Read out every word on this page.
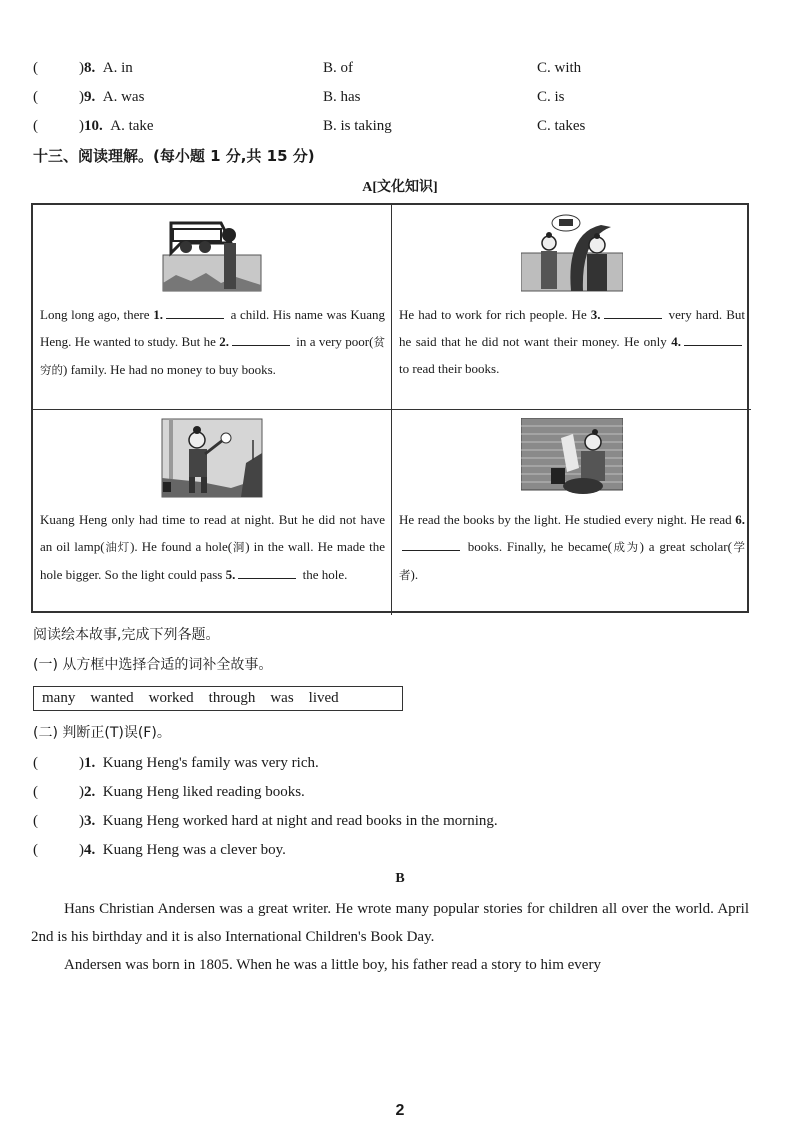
(	)8. A. in	B. of	C. with
(	)9. A. was	B. has	C. is
(	)10. A. take	B. is taking	C. takes
十三、阅读理解。(每小题 1 分,共 15 分)
A[文化知识]
Long long ago, there 1.	a child. His name was Kuang Heng. He wanted to study. But he 2.	in a very poor(贫穷的) family. He had no money to buy books.
He had to work for rich people. He 3.	very hard. But he said that he did not want their money. He only 4. to read their books.
Kuang Heng only had time to read at night. But he did not have an oil lamp(油灯). He found a hole(洞) in the wall. He made the hole bigger. So the light could pass 5.	the hole.
He read the books by the light. He studied every night. He read 6. books. Finally, he became(成为) a great scholar(学者).
阅读绘本故事,完成下列各题。
(一) 从方框中选择合适的词补全故事。
many wanted worked through was lived
(二) 判断正(T)误(F)。
(	)1. Kuang Heng's family was very rich.
(	)2. Kuang Heng liked reading books.
(	)3. Kuang Heng worked hard at night and read books in the morning.
(	)4. Kuang Heng was a clever boy.
B

Hans Christian Andersen was a great writer. He wrote many popular stories for children all over the world. April 2nd is his birthday and it is also International Children's Book Day.

Andersen was born in 1805. When he was a little boy, his father read a story to him every

2
